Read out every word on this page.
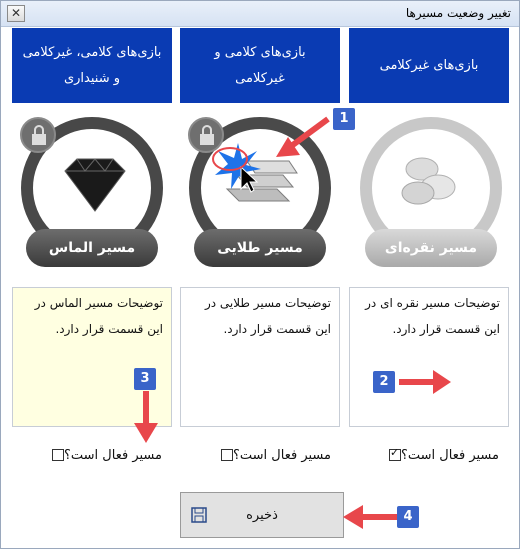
✕	تغییر وضعیت مسیرها
بازی‌های غیرکلامی
بازی‌های کلامی و غیرکلامی
بازی‌های کلامی، غیرکلامی و شنیداری
مسیر نقره‌ای
مسیر طلایی
مسیر الماس
توضیحات مسیر نقره ای در این قسمت قرار دارد.
توضیحات مسیر طلایی در این قسمت قرار دارد.
توضیحات مسیر الماس در این قسمت قرار دارد.
مسیر فعال است؟
✓
مسیر فعال است؟
مسیر فعال است؟
ذخیره
1
2
3
4
